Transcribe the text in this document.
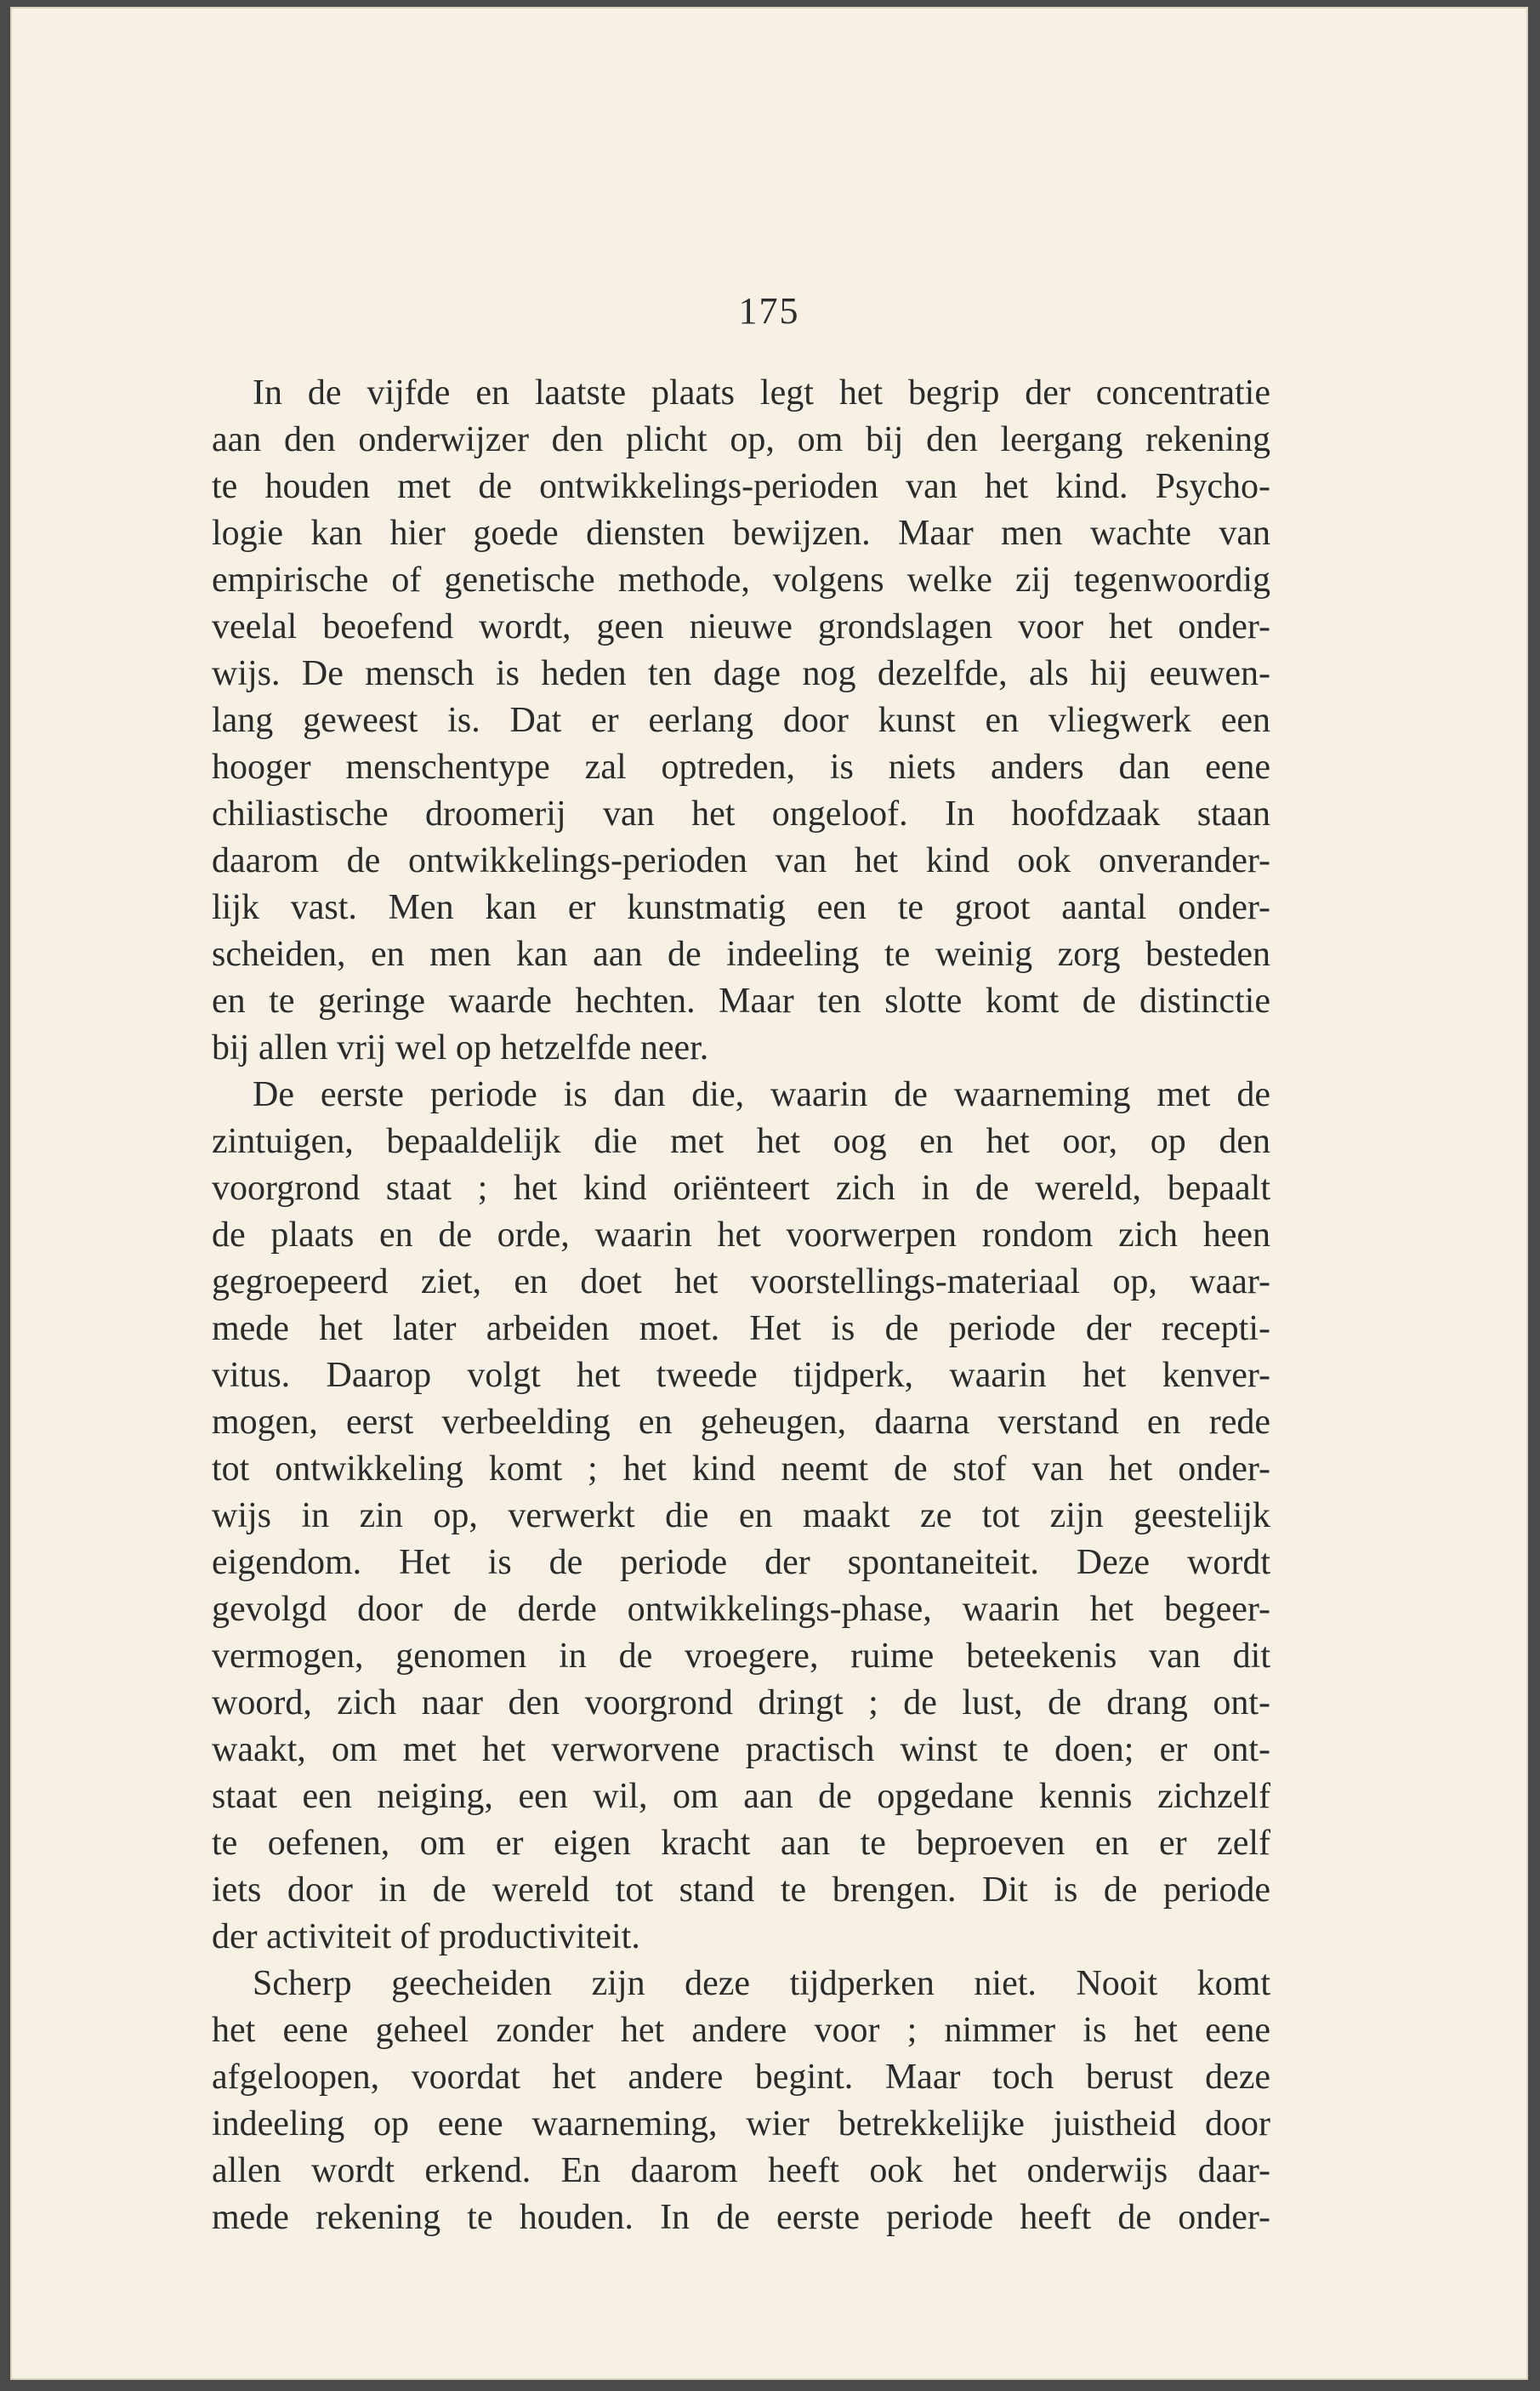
175
In de vijfde en laatste plaats legt het begrip der concentratie
aan den onderwijzer den plicht op, om bij den leergang rekening
te houden met de ontwikkelings-perioden van het kind. Psycho-
logie kan hier goede diensten bewijzen. Maar men wachte van
empirische of genetische methode, volgens welke zij tegenwoordig
veelal beoefend wordt, geen nieuwe grondslagen voor het onder-
wijs. De mensch is heden ten dage nog dezelfde, als hij eeuwen-
lang geweest is. Dat er eerlang door kunst en vliegwerk een
hooger menschentype zal optreden, is niets anders dan eene
chiliastische droomerij van het ongeloof. In hoofdzaak staan
daarom de ontwikkelings-perioden van het kind ook onverander-
lijk vast. Men kan er kunstmatig een te groot aantal onder-
scheiden, en men kan aan de indeeling te weinig zorg besteden
en te geringe waarde hechten. Maar ten slotte komt de distinctie
bij allen vrij wel op hetzelfde neer.
De eerste periode is dan die, waarin de waarneming met de
zintuigen, bepaaldelijk die met het oog en het oor, op den
voorgrond staat ; het kind oriënteert zich in de wereld, bepaalt
de plaats en de orde, waarin het voorwerpen rondom zich heen
gegroepeerd ziet, en doet het voorstellings-materiaal op, waar-
mede het later arbeiden moet. Het is de periode der recepti-
vitus. Daarop volgt het tweede tijdperk, waarin het kenver-
mogen, eerst verbeelding en geheugen, daarna verstand en rede
tot ontwikkeling komt ; het kind neemt de stof van het onder-
wijs in zin op, verwerkt die en maakt ze tot zijn geestelijk
eigendom. Het is de periode der spontaneiteit. Deze wordt
gevolgd door de derde ontwikkelings-phase, waarin het begeer-
vermogen, genomen in de vroegere, ruime beteekenis van dit
woord, zich naar den voorgrond dringt ; de lust, de drang ont-
waakt, om met het verworvene practisch winst te doen; er ont-
staat een neiging, een wil, om aan de opgedane kennis zichzelf
te oefenen, om er eigen kracht aan te beproeven en er zelf
iets door in de wereld tot stand te brengen. Dit is de periode
der activiteit of productiviteit.
Scherp geecheiden zijn deze tijdperken niet. Nooit komt
het eene geheel zonder het andere voor ; nimmer is het eene
afgeloopen, voordat het andere begint. Maar toch berust deze
indeeling op eene waarneming, wier betrekkelijke juistheid door
allen wordt erkend. En daarom heeft ook het onderwijs daar-
mede rekening te houden. In de eerste periode heeft de onder-
